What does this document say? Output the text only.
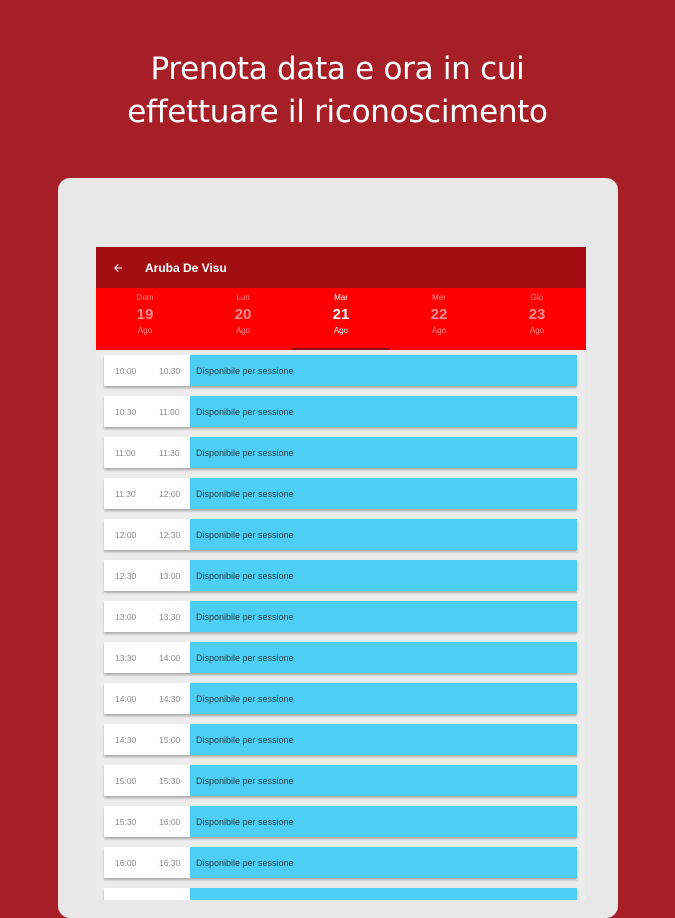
Prenota data e ora in cui
effettuare il riconoscimento
Aruba De Visu
Dom
19
Ago
Lun
20
Ago
Mar
21
Ago
Mer
22
Ago
Gio
23
Ago
10:00	10:30 Disponibile per sessione
10:30	11:00 Disponibile per sessione
11:00	11:30 Disponibile per sessione
11:30	12:00 Disponibile per sessione
12:00	12:30 Disponibile per sessione
12:30	13:00 Disponibile per sessione
13:00	13:30 Disponibile per sessione
13:30	14:00 Disponibile per sessione
14:00	14:30 Disponibile per sessione
14:30	15:00 Disponibile per sessione
15:00	15:30 Disponibile per sessione
15:30	16:00 Disponibile per sessione
16:00	16:30 Disponibile per sessione
